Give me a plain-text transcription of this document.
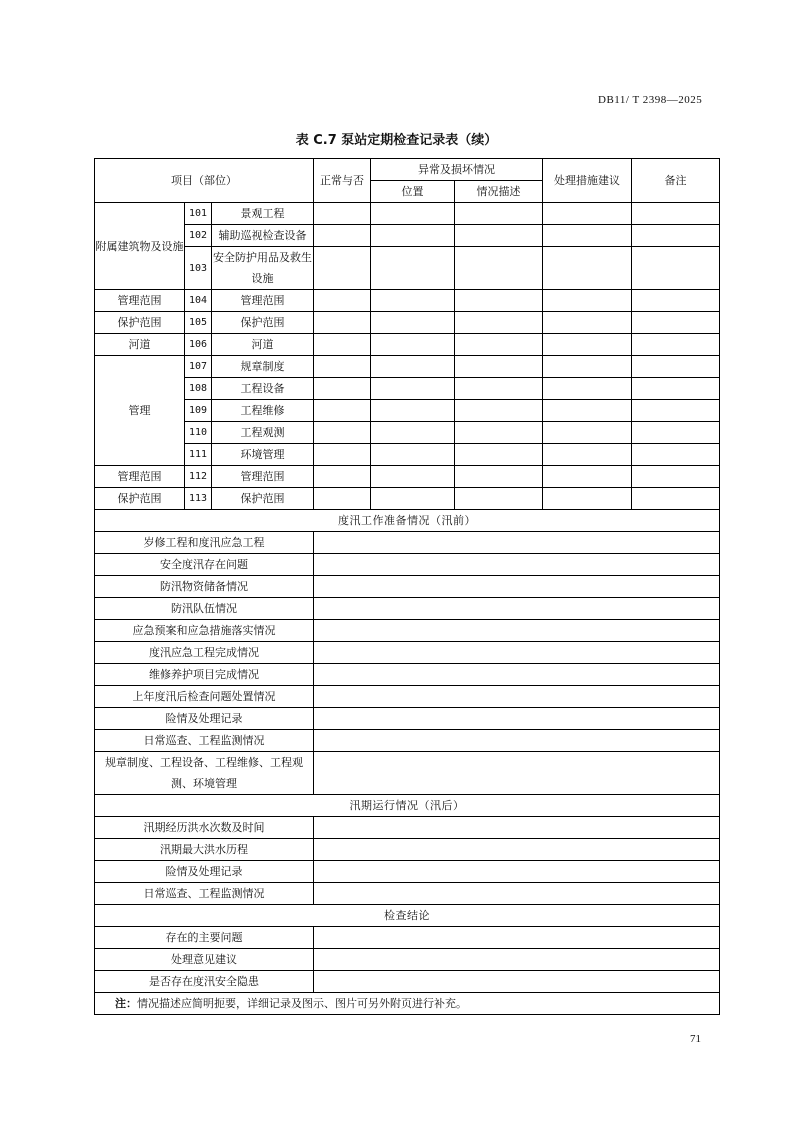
DB11/ T 2398—2025
表 C.7 泵站定期检查记录表（续）
项目（部位）			正常与否	异常及损坏情况		处理措施建议	备注
				位置	情况描述		
附属建筑物及设施	101	景观工程					
	102	辅助巡视检查设备					
	103	安全防护用品及救生设施					
管理范围	104	管理范围					
保护范围	105	保护范围					
河道	106	河道					
管理	107	规章制度					
	108	工程设备					
	109	工程维修					
	110	工程观测					
	111	环境管理					
管理范围	112	管理范围					
保护范围	113	保护范围					
度汛工作准备情况（汛前）							
岁修工程和度汛应急工程							
安全度汛存在问题							
防汛物资储备情况							
防汛队伍情况							
应急预案和应急措施落实情况							
度汛应急工程完成情况							
维修养护项目完成情况							
上年度汛后检查问题处置情况							
险情及处理记录							
日常巡查、工程监测情况							
规章制度、工程设备、工程维修、工程观测、环境管理							
汛期运行情况（汛后）							
汛期经历洪水次数及时间							
汛期最大洪水历程							
险情及处理记录							
日常巡查、工程监测情况							
检查结论							
存在的主要问题							
处理意见建议							
是否存在度汛安全隐患							
注：情况描述应简明扼要，详细记录及图示、图片可另外附页进行补充。							
71
